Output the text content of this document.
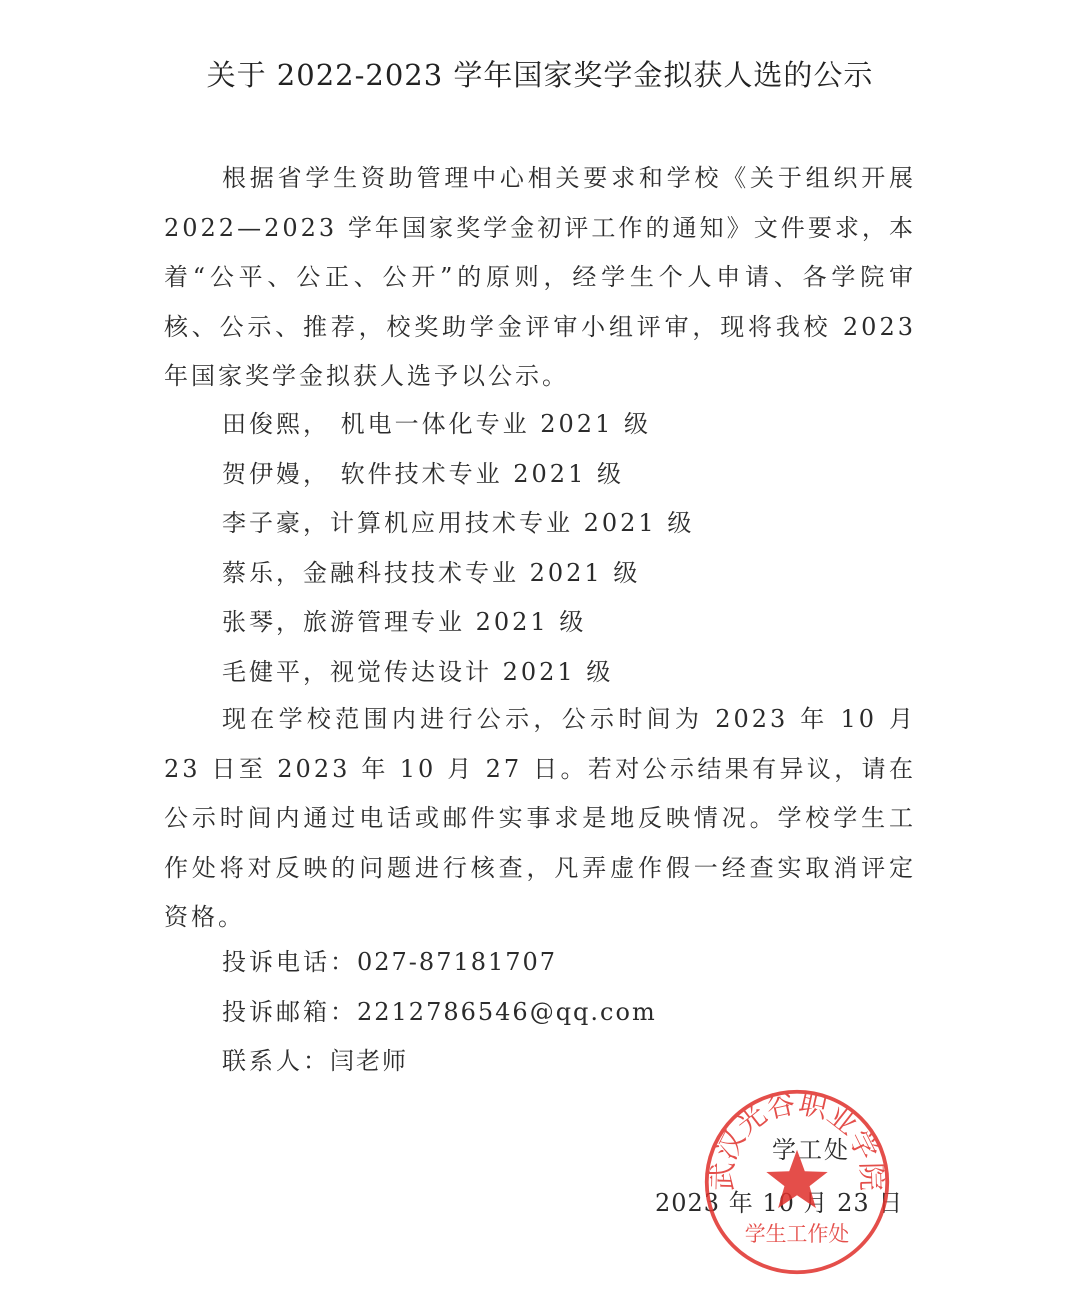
关于 2022-2023 学年国家奖学金拟获人选的公示

根据省学生资助管理中心相关要求和学校《关于组织开展 2022—2023 学年国家奖学金初评工作的通知》文件要求，本着“公平、公正、公开”的原则，经学生个人申请、各学院审核、公示、推荐，校奖助学金评审小组评审，现将我校 2023 年国家奖学金拟获人选予以公示。

田俊熙， 机电一体化专业 2021 级
贺伊嫚， 软件技术专业 2021 级
李子豪，计算机应用技术专业 2021 级
蔡乐，金融科技技术专业 2021 级
张琴，旅游管理专业 2021 级
毛健平，视觉传达设计 2021 级

现在学校范围内进行公示，公示时间为 2023 年 10 月 23 日至 2023 年 10 月 27 日。若对公示结果有异议，请在公示时间内通过电话或邮件实事求是地反映情况。学校学生工作处将对反映的问题进行核查，凡弄虚作假一经查实取消评定资格。

投诉电话：027-87181707
投诉邮箱：2212786546@qq.com
联系人：闫老师
学工处
2023 年 10 月 23 日
武汉光谷职业学院
学生工作处
